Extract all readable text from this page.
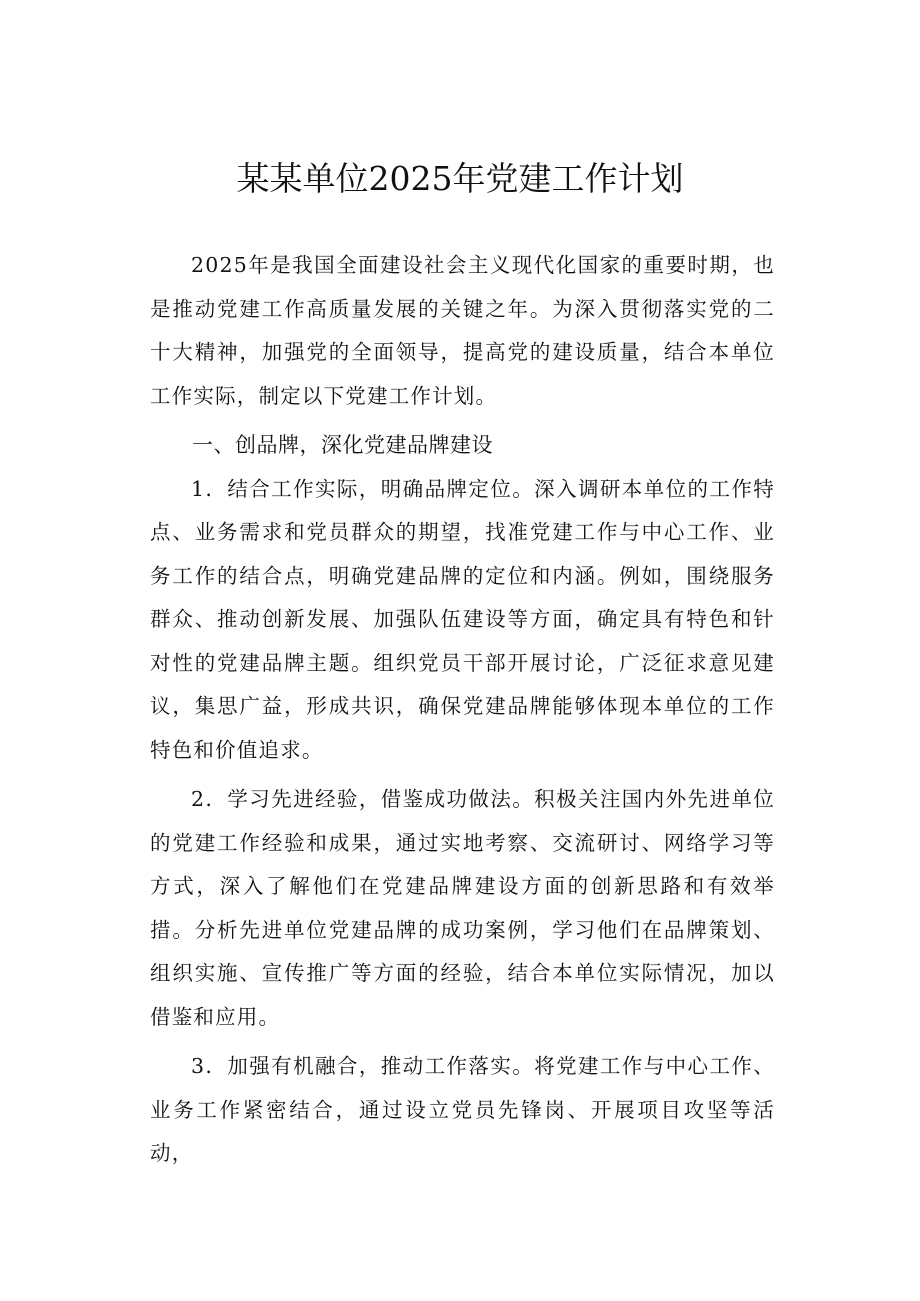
某某单位2025年党建工作计划

2025年是我国全面建设社会主义现代化国家的重要时期，也是推动党建工作高质量发展的关键之年。为深入贯彻落实党的二十大精神，加强党的全面领导，提高党的建设质量，结合本单位工作实际，制定以下党建工作计划。

一、创品牌，深化党建品牌建设

1．结合工作实际，明确品牌定位。深入调研本单位的工作特点、业务需求和党员群众的期望，找准党建工作与中心工作、业务工作的结合点，明确党建品牌的定位和内涵。例如，围绕服务群众、推动创新发展、加强队伍建设等方面，确定具有特色和针对性的党建品牌主题。组织党员干部开展讨论，广泛征求意见建议，集思广益，形成共识，确保党建品牌能够体现本单位的工作特色和价值追求。

2．学习先进经验，借鉴成功做法。积极关注国内外先进单位的党建工作经验和成果，通过实地考察、交流研讨、网络学习等方式，深入了解他们在党建品牌建设方面的创新思路和有效举措。分析先进单位党建品牌的成功案例，学习他们在品牌策划、组织实施、宣传推广等方面的经验，结合本单位实际情况，加以借鉴和应用。

3．加强有机融合，推动工作落实。将党建工作与中心工作、业务工作紧密结合，通过设立党员先锋岗、开展项目攻坚等活动，
